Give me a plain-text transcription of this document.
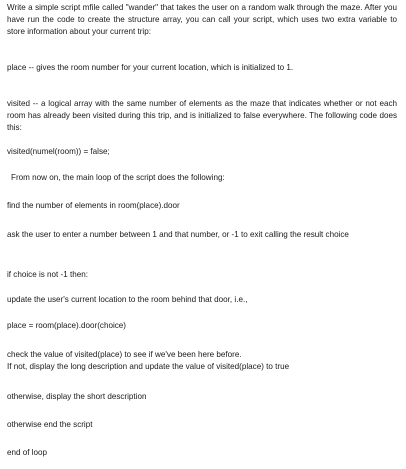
Write a simple script mfile called "wander" that takes the user on a random walk through the maze. After you have run the code to create the structure array, you can call your script, which uses two extra variable to store information about your current trip:

place -- gives the room number for your current location, which is initialized to 1.

visited -- a logical array with the same number of elements as the maze that indicates whether or not each room has already been visited during this trip, and is initialized to false everywhere. The following code does this:

visited(numel(room)) = false;

From now on, the main loop of the script does the following:

find the number of elements in room(place).door

ask the user to enter a number between 1 and that number, or -1 to exit calling the result choice

if choice is not -1 then:

update the user's current location to the room behind that door, i.e.,

place = room(place).door(choice)

check the value of visited(place) to see if we've been here before.

If not, display the long description and update the value of visited(place) to true

otherwise, display the short description

otherwise end the script

end of loop
